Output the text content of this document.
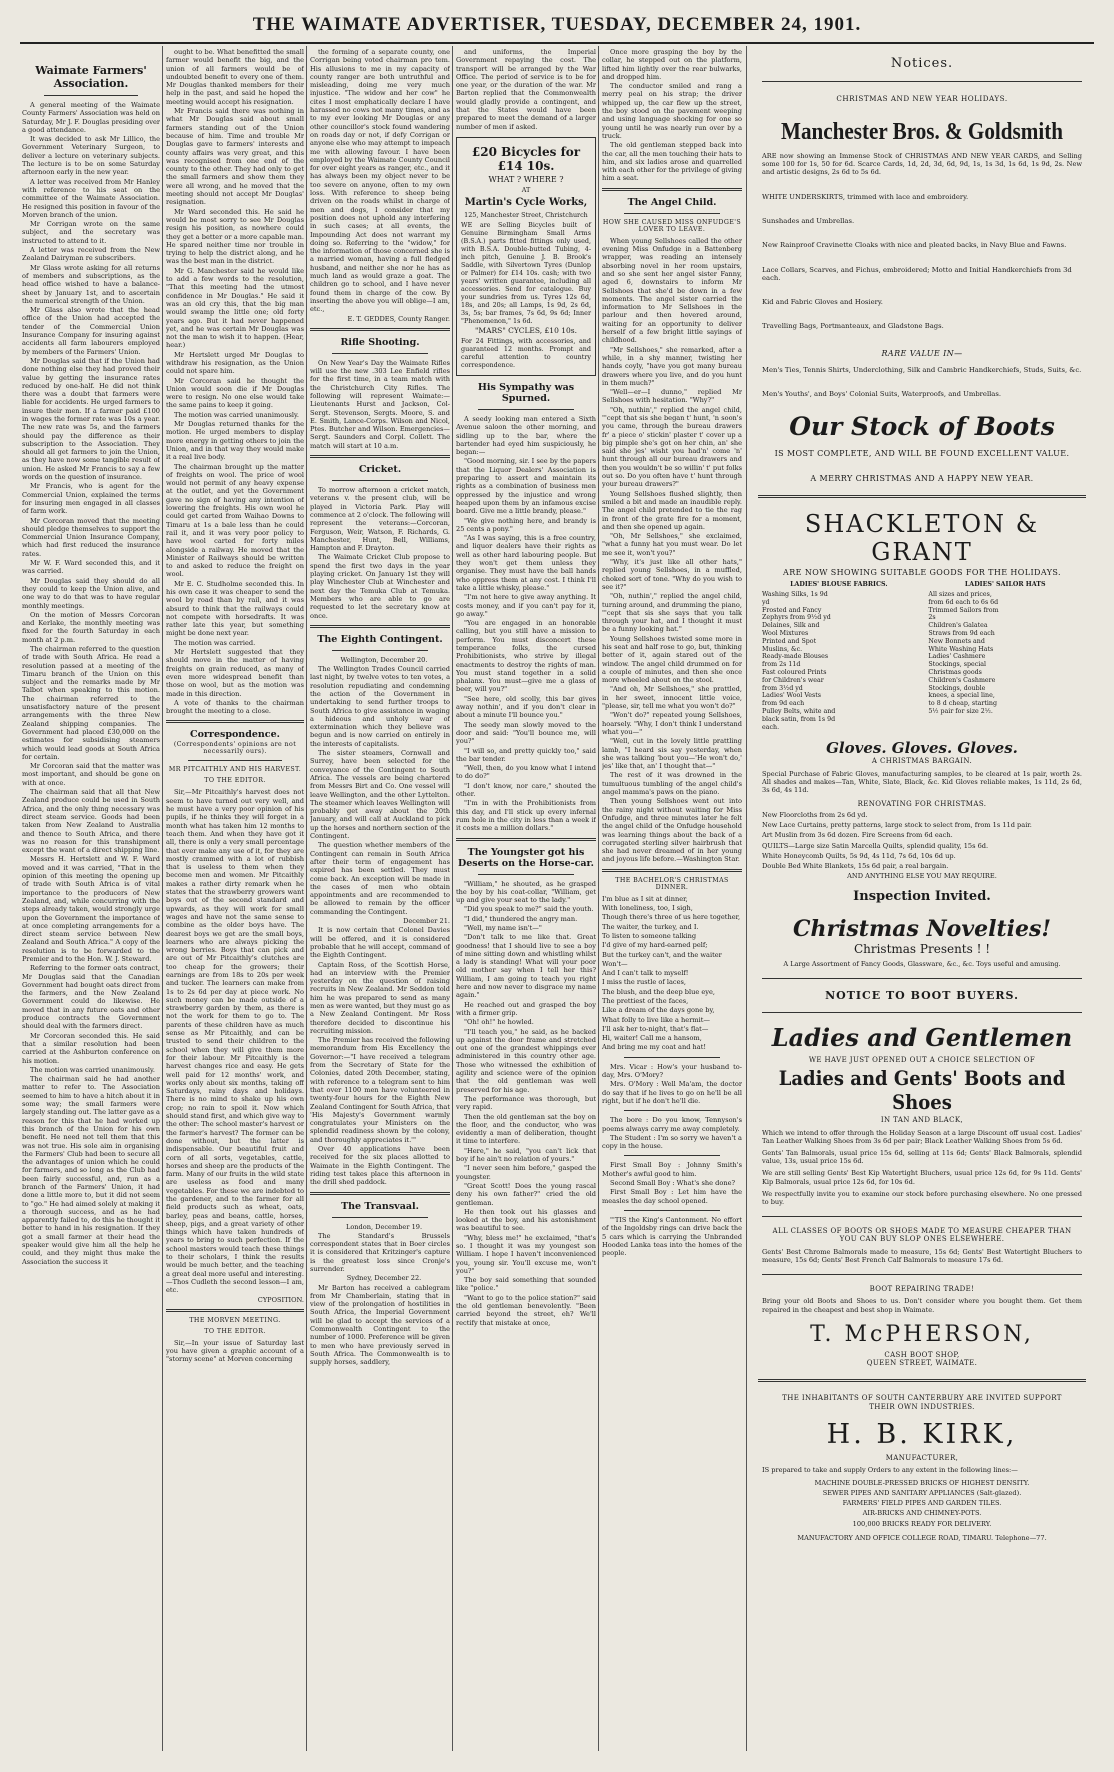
THE WAIMATE ADVERTISER, TUESDAY, DECEMBER 24, 1901.
Waimate Farmers' Association.

A general meeting of the Waimate County Farmers' Association was held on Saturday, Mr J. F. Douglas presiding over a good attendance.

It was decided to ask Mr Lillico, the Government Veterinary Surgeon, to deliver a lecture on veterinary subjects. The lecture is to be on some Saturday afternoon early in the new year.

A letter was received from Mr Hanley with reference to his seat on the committee of the Waimate Association. He resigned this position in favour of the Morven branch of the union.

Mr Corrigan wrote on the same subject, and the secretary was instructed to attend to it.

A letter was received from the New Zealand Dairyman re subscribers.

Mr Glass wrote asking for all returns of members and subscriptions, as the head office wished to have a balance-sheet by January 1st, and to ascertain the numerical strength of the Union.

Mr Glass also wrote that the head office of the Union had accepted the tender of the Commercial Union Insurance Company for insuring against accidents all farm labourers employed by members of the Farmers' Union.

Mr Douglas said that if the Union had done nothing else they had proved their value by getting the insurance rates reduced by one-half. He did not think there was a doubt that farmers were liable for accidents. He urged farmers to insure their men. If a farmer paid £100 in wages the former rate was 10s a year. The new rate was 5s, and the farmers should pay the difference as their subscription to the Association. They should all get farmers to join the Union, as they have now some tangible result of union. He asked Mr Francis to say a few words on the question of insurance.

Mr Francis, who is agent for the Commercial Union, explained the terms for insuring men engaged in all classes of farm work.

Mr Corcoran moved that the meeting should pledge themselves to support the Commercial Union Insurance Company, which had first reduced the insurance rates.

Mr W. F. Ward seconded this, and it was carried.

Mr Douglas said they should do all they could to keep the Union alive, and one way to do that was to have regular monthly meetings.

On the motion of Messrs Corcoran and Kerlake, the monthly meeting was fixed for the fourth Saturday in each month at 2 p.m.

The chairman referred to the question of trade with South Africa. He read a resolution passed at a meeting of the Timaru branch of the Union on this subject and the remarks made by Mr Talbot when speaking to this motion. The chairman referred to the unsatisfactory nature of the present arrangements with the three New Zealand shipping companies. The Government had placed £30,000 on the estimates for subsidising steamers which would lead goods at South Africa for certain.

Mr Corcoran said that the matter was most important, and should be gone on with at once.

The chairman said that all that New Zealand produce could be used in South Africa, and the only thing necessary was direct steam service. Goods had been taken from New Zealand to Australia and thence to South Africa, and there was no reason for this transhipment except the want of a direct shipping line.

Messrs H. Hertslett and W. F. Ward moved and it was carried, "That in the opinion of this meeting the opening up of trade with South Africa is of vital importance to the producers of New Zealand, and, while concurring with the steps already taken, would strongly urge upon the Government the importance of at once completing arrangements for a direct steam service between New Zealand and South Africa." A copy of the resolution is to be forwarded to the Premier and to the Hon. W. J. Steward.

Referring to the former oats contract, Mr Douglas said that the Canadian Government had bought oats direct from the farmers, and the New Zealand Government could do likewise. He moved that in any future oats and other produce contracts the Government should deal with the farmers direct.

Mr Corcoran seconded this. He said that a similar resolution had been carried at the Ashburton conference on his motion.

The motion was carried unanimously.

The chairman said he had another matter to refer to. The Association seemed to him to have a hitch about it in some way; the small farmers were largely standing out. The latter gave as a reason for this that he had worked up this branch of the Union for his own benefit. He need not tell them that this was not true. His sole aim in organising the Farmers' Club had been to secure all the advantages of union which he could for farmers, and so long as the Club had been fairly successful, and, run as a branch of the Farmers' Union, it had done a little more to, but it did not seem to "go." He had aimed solely at making it a thorough success, and as he had apparently failed to, do this he thought it better to hand in his resignation. If they got a small farmer at their head the speaker would give him all the help he could, and they might thus make the Association the success it

ought to be. What benefitted the small farmer would benefit the big, and the union of all farmers would be of undoubted benefit to every one of them. Mr Douglas thanked members for their help in the past, and said he hoped the meeting would accept his resignation.

Mr Francis said there was nothing in what Mr Douglas said about small farmers standing out of the Union because of him. Time and trouble Mr Douglas gave to farmers' interests and county affairs was very great, and this was recognised from one end of the county to the other. They had only to get the small farmers and show them they were all wrong, and he moved that the meeting should not accept Mr Douglas' resignation.

Mr Ward seconded this. He said he would be most sorry to see Mr Douglas resign his position, as nowhere could they get a better or a more capable man. He spared neither time nor trouble in trying to help the district along, and he was the best man in the district.

Mr G. Manchester said he would like to add a few words to the resolution, "That this meeting had the utmost confidence in Mr Douglas." He said it was an old cry this, that the big man would swamp the little one; old forty years ago. But it had never happened yet, and he was certain Mr Douglas was not the man to wish it to happen. (Hear, hear.)

Mr Hertslett urged Mr Douglas to withdraw his resignation, as the Union could not spare him.

Mr Corcoran said he thought the Union would soon die if Mr Douglas were to resign. No one else would take the same pains to keep it going.

The motion was carried unanimously.

Mr Douglas returned thanks for the motion. He urged members to display more energy in getting others to join the Union, and in that way they would make it a real live body.

The chairman brought up the matter of freights on wool. The price of wool would not permit of any heavy expense at the outlet, and yet the Government gave no sign of having any intention of lowering the freights. His own wool he could get carted from Waihao Downs to Timaru at 1s a bale less than he could rail it, and it was very poor policy to have wool carted for forty miles alongside a railway. He moved that the Minister of Railways should be written to and asked to reduce the freight on wool.

Mr E. C. Studholme seconded this. In his own case it was cheaper to send the wool by road than by rail, and it was absurd to think that the railways could not compete with horsedrafts. It was rather late this year, but something might be done next year.

The motion was carried.

Mr Hertslett suggested that they should move in the matter of having freights on grain reduced, as many of even more widespread benefit than those on wool, but as the motion was made in this direction.

A vote of thanks to the chairman brought the meeting to a close.

Correspondence.
(Correspondents' opinions are not necessarily ours).
MR PITCAITHLY AND HIS HARVEST.
TO THE EDITOR.

Sir,—Mr Pitcaithly's harvest does not seem to have turned out very well, and he must have a very poor opinion of his pupils, if he thinks they will forget in a month what has taken him 12 months to teach them. And when they have got it all, there is only a very small percentage that ever make any use of it, for they are mostly crammed with a lot of rubbish that is useless to them when they become men and women. Mr Pitcaithly makes a rather dirty remark when he states that the strawberry growers want boys out of the second standard and upwards, as they will work for small wages and have not the same sense to combine as the older boys have. The dearest boys we get are the small boys, learners who are always picking the wrong berries. Boys that can pick and are out of Mr Pitcaithly's clutches are too cheap for the growers; their earnings are from 18s to 20s per week and tucker. The learners can make from 1s to 2s 6d per day at piece work. No such money can be made outside of a strawberry garden by them, as there is not the work for them to go to. The parents of these children have as much sense as Mr Pitcaithly, and can be trusted to send their children to the school when they will give them more for their labour. Mr Pitcaithly is the harvest changes rice and easy. He gets well paid for 12 months' work, and works only about six months, taking off Saturdays, rainy days and holidays. There is no mind to shake up his own crop; no rain to spoil it. Now which should stand first, and which give way to the other: The school master's harvest or the farmer's harvest? The former can be done without, but the latter is indispensable. Our beautiful fruit and corn of all sorts, vegetables, cattle, horses and sheep are the products of the farm. Many of our fruits in the wild state are useless as food and many vegetables. For these we are indebted to the gardener, and to the farmer for all field products such as wheat, oats, barley, peas and beans, cattle, horses, sheep, pigs, and a great variety of other things which have taken hundreds of years to bring to such perfection. If the school masters would teach these things to their scholars, I think the results would be much better, and the teaching a great deal more useful and interesting.—Thos Cudleth the second lesson—I am, etc.

CYPOSITION.

THE MORVEN MEETING.
TO THE EDITOR.

Sir,—In your issue of Saturday last you have given a graphic account of a "stormy scene" at Morven concerning

the forming of a separate county, one Corrigan being voted chairman pro tem. His allusions to me in my capacity of county ranger are both untruthful and misleading, doing me very much injustice. "The widow and her cow" he cites I most emphatically declare I have harassed no cows not many times, and as to my ever looking Mr Douglas or any other councillor's stock found wandering on roads day or not, if defy Corrigan or anyone else who may attempt to impeach me with allowing favour. I have been employed by the Waimate County Council for over eight years as ranger, etc., and it has always been my object never to be too severe on anyone, often to my own loss. With reference to sheep being driven on the roads whilst in charge of men and dogs, I consider that my position does not uphold any interfering in such cases; at all events, the Impounding Act does not warrant my doing so. Referring to the "widow," for the information of those concerned she is a married woman, having a full fledged husband, and neither she nor he has as much land as would graze a goat. The children go to school, and I have never found them in charge of the cow. By inserting the above you will oblige—I am, etc.,

E. T. GEDDES, County Ranger.

Rifle Shooting.

On New Year's Day the Waimate Rifles will use the new .303 Lee Enfield rifles for the first time, in a team match with the Christchurch City Rifles. The following will represent Waimate:—Lieutenants Hurst and Jackson, Col-Sergt. Stevenson, Sergts. Moore, S. and E. Smith, Lance-Corps. Wilson and Nicol, Ptes. Butcher and Wilson. Emergencies—Sergt. Saunders and Corpl. Collett. The match will start at 10 a.m.

Cricket.

To morrow afternoon a cricket match, veterans v. the present club, will be played in Victoria Park. Play will commence at 2 o'clock. The following will represent the veterans:—Corcoran, Ferguson, Weir, Watson, F. Richards, G. Manchester, Hunt, Bell, Williams, Hampton and F. Drayton.

The Waimate Cricket Club propose to spend the first two days in the year playing cricket. On January 1st they will play Winchester Club at Winchester and next day the Temuka Club at Temuka. Members who are able to go are requested to let the secretary know at once.

The Eighth Contingent.

Wellington, December 20.

The Wellington Trades Council carried last night, by twelve votes to ten votes, a resolution repudiating and condemning the action of the Government in undertaking to send further troops to South Africa to give assistance in waging a hideous and unholy war of extermination which they believe was begun and is now carried on entirely in the interests of capitalists.

The sister steamers, Cornwall and Surrey, have been selected for the conveyance of the Contingent to South Africa. The vessels are being chartered from Messrs Birt and Co. One vessel will leave Wellington, and the other Lyttelton. The steamer which leaves Wellington will probably get away about the 20th January, and will call at Auckland to pick up the horses and northern section of the Contingent.

The question whether members of the Contingent can remain in South Africa after their term of engagement has expired has been settled. They must come back. An exception will be made in the cases of men who obtain appointments and are recommended to be allowed to remain by the officer commanding the Contingent.

December 21.

It is now certain that Colonel Davies will be offered, and it is considered probable that he will accept, command of the Eighth Contingent.

Captain Ross, of the Scottish Horse, had an interview with the Premier yesterday on the question of raising recruits in New Zealand. Mr Seddon told him he was prepared to send as many men as were wanted, but they must go as a New Zealand Contingent. Mr Ross therefore decided to discontinue his recruiting mission.

The Premier has received the following memorandum from His Excellency the Governor:—"I have received a telegram from the Secretary of State for the Colonies, dated 20th December, stating, with reference to a telegram sent to him that over 1100 men have volunteered in twenty-four hours for the Eighth New Zealand Contingent for South Africa, that 'His Majesty's Government warmly congratulates your Ministers on the splendid readiness shown by the colony, and thoroughly appreciates it.'"

Over 40 applications have been received for the six places allotted to Waimate in the Eighth Contingent. The riding test takes place this afternoon in the drill shed paddock.

The Transvaal.

London, December 19.

The Standard's Brussels correspondent states that in Boer circles it is considered that Kritzinger's capture is the greatest loss since Cronje's surrender.

Sydney, December 22.

Mr Barton has received a cablegram from Mr Chamberlain, stating that in view of the prolongation of hostilities in South Africa, the Imperial Government will be glad to accept the services of a Commonwealth Contingent to the number of 1000. Preference will be given to men who have previously served in South Africa. The Commonwealth is to supply horses, saddlery,

and uniforms, the Imperial Government repaying the cost. The transport will be arranged by the War Office. The period of service is to be for one year, or the duration of the war. Mr Barton replied that the Commonwealth would gladly provide a contingent, and that the States would have been prepared to meet the demand of a larger number of men if asked.

£20 Bicycles for £14 10s.
WHAT ? WHERE ?
AT
Martin's Cycle Works,
125, Manchester Street, Christchurch
WE are Selling Bicycles built of Genuine Birmingham Small Arms (B.S.A.) parts fitted fittings only used, with B.S.A. Double-butted Tubing, 4-inch pitch, Genuine J. B. Brook's Saddle, with Silvertown Tyres (Dunlop or Palmer) for £14 10s. cash; with two years' written guarantee, including all accessories. Send for catalogue. Buy your sundries from us. Tyres 12s 6d, 18s, and 20s; all Lamps, 1s 9d, 2s 6d, 3s, 5s; bar frames, 7s 6d, 9s 6d; Inner "Phenomenon," 1s 6d.
"MARS" CYCLES, £10 10s.
For 24 Fittings, with accessories, and guaranteed 12 months. Prompt and careful attention to country correspondence.
His Sympathy was Spurned.

A seedy looking man entered a Sixth Avenue saloon the other morning, and sidling up to the bar, where the bartender had eyed him suspiciously, he began:—

"Good morning, sir. I see by the papers that the Liquor Dealers' Association is preparing to assert and maintain its rights as a combination of business men oppressed by the injustice and wrong heaped upon them by an infamous excise board. Give me a little brandy, please."

"We give nothing here, and brandy is 25 cents a pony."

"As I was saying, this is a free country, and liquor dealers have their rights as well as other hard labouring people. But they won't get them unless they organise. They must have the ball hands who oppress them at any cost. I think I'll take a little whisky, please."

"I'm not here to give away anything. It costs money, and if you can't pay for it, go away."

"You are engaged in an honorable calling, but you still have a mission to perform. You must disconcert these temperance folks, the cursed Prohibitionists, who strive by illegal enactments to destroy the rights of man. You must stand together in a solid phalanx. You must—give me a glass of beer, will you?"

"See here, old scolly, this bar gives away nothin', and if you don't clear in about a minute I'll bounce you."

The seedy man slowly moved to the door and said: "You'll bounce me, will you?"

"I will so, and pretty quickly too," said the bar tender.

"Well, then, do you know what I intend to do do?"

"I don't know, nor care," shouted the other.

"I'm in with the Prohibitionists from this day, and I'll stick up every infernal rum hole in the city in less than a week if it costs me a million dollars."

The Youngster got his Deserts on the Horse-car.

"William," he shouted, as he grasped the boy by his coat-collar, "William, get up and give your seat to the lady."

"Did you speak to me?" said the youth.

"I did," thundered the angry man.

"Well, my name isn't—"

"Don't talk to me like that. Great goodness! that I should live to see a boy of mine sitting down and whistling whilst a lady is standing! What will your poor old mother say when I tell her this? William, I am going to teach you right here and now never to disgrace my name again."

He reached out and grasped the boy with a firmer grip.

"Oh! oh!" he howled.

"I'll teach you," he said, as he backed up against the door frame and stretched out one of the grandest whippings ever administered in this country other age. Those who witnessed the exhibition of agility and science were of the opinion that the old gentleman was well preserved for his age.

The performance was thorough, but very rapid.

Then the old gentleman sat the boy on the floor, and the conductor, who was evidently a man of deliberation, thought it time to interfere.

"Here," he said, "you can't lick that boy if he ain't no relation of yours."

"I never seen him before," gasped the youngster.

"Great Scott! Does the young rascal deny his own father?" cried the old gentleman.

He then took out his glasses and looked at the boy, and his astonishment was beautiful to see.

"Why, bless me!" he exclaimed, "that's so. I thought it was my youngest son William. I hope I haven't inconvenienced you, young sir. You'll excuse me, won't you?"

The boy said something that sounded like "police."

"Want to go to the police station?" said the old gentleman benevolently. "Been carried beyond the street, eh? We'll rectify that mistake at once,

Once more grasping the boy by the collar, he stepped out on the platform, lifted him lightly over the rear bulwarks, and dropped him.

The conductor smiled and rang a merry peal on his strap; the driver whipped up, the car flew up the street, the boy stood on the pavement weeping and using language shocking for one so young until he was nearly run over by a truck.

The old gentleman stepped back into the car, all the men touching their hats to him, and six ladies arose and quarrelled with each other for the privilege of giving him a seat.

The Angel Child.
HOW SHE CAUSED MISS ONFUDGE'S LOVER TO LEAVE.

When young Sellshoes called the other evening Miss Onfudge in a Battenberg wrapper, was reading an intensely absorbing novel in her room upstairs, and so she sent her angel sister Fanny, aged 6, downstairs to inform Mr Sellshoes that she'd be down in a few moments. The angel sister carried the information to Mr Sellshoes in the parlour and then hovered around, waiting for an opportunity to deliver herself of a few bright little sayings of childhood.

"Mr Sellshoes," she remarked, after a while, in a shy manner, twisting her hands coyly, "have you got many bureau drawers where you live, and do you hunt in them much?"

"Well—er—I dunno," replied Mr Sellshoes with hesitation. "Why?"

"Oh, nuthin'," replied the angel child, "'cept that sis she began t' hunt, 'n soon's you came, through the bureau drawers fr' a piece o' stickin' plaster t' cover up a big pimple she's got on her chin, an' she said she jes' wisht you had'n' come 'n' hunt through all our bureau drawers and then you wouldn't be so willin' t' put folks out so. Do you often have t' hunt through your bureau drawers?"

Young Sellshoes flushed slightly, then smiled a bit and made an inaudible reply. The angel child pretended to tie the rag in front of the grate fire for a moment, and then she opened up again.

"Oh, Mr Sellshoes," she exclaimed, "what a funny hat you must wear. Do let me see it, won't you?"

"Why, it's just like all other hats," replied young Sellshoes, in a muffled, choked sort of tone. "Why do you wish to see it?"

"Oh, nuthin'," replied the angel child, turning around, and drumming the piano, "'cept that sis she says that you talk through your hat, and I thought it must be a funny looking hat."

Young Sellshoes twisted some more in his seat and half rose to go, but, thinking better of it, again stared out of the window. The angel child drummed on for a couple of minutes, and then she once more wheeled about on the stool.

"And oh, Mr Sellshoes," she prattled, in her sweet, innocent little voice, "please, sir, tell me what you won't do?"

"Won't do?" repeated young Sellshoes, hoarsely. "Why, I don't think I understand what you—"

"Well, cut in the lovely little prattling lamb, "I heard sis say yesterday, when she was talking 'bout you—'He won't do,' jes' like that, an' I thought that—"

The rest of it was drowned in the tumultuous tumbling of the angel child's angel mamma's paws on the piano.

Then young Sellshoes went out into the rainy night without waiting for Miss Onfudge, and three minutes later he felt the angel child of the Onfudge household was learning things about the back of a corrugated sterling silver hairbrush that she had never dreamed of in her young and joyous life before.—Washington Star.

THE BACHELOR'S CHRISTMAS DINNER.

I'm blue as I sit at dinner,

With loneliness, too, I sigh,

Though there's three of us here together,

The waiter, the turkey, and I.

To listen to someone talking

I'd give of my hard-earned pelf;

But the turkey can't, and the waiter

Won't—

And I can't talk to myself!

I miss the rustle of laces,

The blush, and the deep blue eye,

The prettiest of the faces,

Like a dream of the days gone by,

What folly to live like a hermit—

I'll ask her to-night, that's flat—

Hi, waiter! Call me a hansom,

And bring me my coat and hat!

Mrs. Vicar : How's your husband to-day, Mrs. O'Mory?

Mrs. O'Mory : Well Ma'am, the doctor do say that if he lives to go on he'll be all right, but if he don't he'll die.

The bore : Do you know, Tennyson's poems always carry me away completely.

The Student : I'm so sorry we haven't a copy in the house.

First Small Boy : Johnny Smith's Mother's awful good to him.

Second Small Boy : What's she done?

First Small Boy : Let him have the measles the day school opened.

"'TIS the King's Cantonment. No effort of the Ingoldsby rings can drive back the 5 cars which is carrying the Unbranded Hooded Lanka teas into the homes of the people.

Notices.
CHRISTMAS AND NEW YEAR HOLIDAYS.
Manchester Bros. & Goldsmith
ARE now showing an Immense Stock of CHRISTMAS AND NEW YEAR CARDS, and Selling some 100 for 1s, 50 for 6d. Scarce Cards, 1d, 2d, 3d, 6d, 9d, 1s, 1s 3d, 1s 6d, 1s 9d, 2s. New and artistic designs, 2s 6d to 5s 6d.
WHITE UNDERSKIRTS, trimmed with lace and embroidery.
Sunshades and Umbrellas.
New Rainproof Cravinette Cloaks with nice and pleated backs, in Navy Blue and Fawns.
Lace Collars, Scarves, and Fichus, embroidered; Motto and Initial Handkerchiefs from 3d each.
Kid and Fabric Gloves and Hosiery.
Travelling Bags, Portmanteaux, and Gladstone Bags.
RARE VALUE IN—
Men's Ties, Tennis Shirts, Underclothing, Silk and Cambric Handkerchiefs, Studs, Suits, &c.
Men's Youths', and Boys' Colonial Suits, Waterproofs, and Umbrellas.
Our Stock of Boots
IS MOST COMPLETE, AND WILL BE FOUND EXCELLENT VALUE.
A MERRY CHRISTMAS AND A HAPPY NEW YEAR.
SHACKLETON & GRANT
ARE NOW SHOWING SUITABLE GOODS FOR THE HOLIDAYS.
LADIES' BLOUSE FABRICS.
Washing Silks, 1s 9d yd
Frosted and Fancy Zephyrs from 9½d yd
Delaines, Silk and Wool Mixtures
Printed and Spot Muslins, &c.
Ready-made Blouses from 2s 11d
Fast coloured Prints for Children's wear from 3½d yd
Ladies' Wool Vests from 9d each
Pulley Belts, white and black satin, from 1s 9d each.
LADIES' SAILOR HATS
All sizes and prices, from 6d each to 6s 6d
Trimmed Sailors from 2s
Children's Galatea Straws from 9d each
New Bonnets and White Washing Hats
Ladies' Cashmere Stockings, special
Christmas goods
Children's Cashmere Stockings, double knees, a special line, to 8 d cheap, starting 5½ pair for size 2½.
Gloves. Gloves. Gloves.
A CHRISTMAS BARGAIN.
Special Purchase of Fabric Gloves, manufacturing samples, to be cleared at 1s pair, worth 2s. All shades and makes—Tan, White, Slate, Black, &c. Kid Gloves reliable makes, 1s 11d, 2s 6d, 3s 6d, 4s 11d.
RENOVATING FOR CHRISTMAS.
New Floorcloths from 2s 6d yd.
New Lace Curtains, pretty patterns, large stock to select from, from 1s 11d pair.
Art Muslin from 3s 6d dozen. Fire Screens from 6d each.
QUILTS—Large size Satin Marcella Quilts, splendid quality, 15s 6d.
White Honeycomb Quilts, 5s 9d, 4s 11d, 7s 6d, 10s 6d up.
Double Bed White Blankets, 15s 6d pair, a real bargain.
AND ANYTHING ELSE YOU MAY REQUIRE.
Inspection Invited.
Christmas Novelties!
Christmas Presents ! !
A Large Assortment of Fancy Goods, Glassware, &c., &c. Toys useful and amusing.
NOTICE TO BOOT BUYERS.
Ladies and Gentlemen
WE HAVE JUST OPENED OUT A CHOICE SELECTION OF
Ladies and Gents' Boots and Shoes
IN TAN AND BLACK,
Which we intend to offer through the Holiday Season at a large Discount off usual cost. Ladies' Tan Leather Walking Shoes from 3s 6d per pair; Black Leather Walking Shoes from 5s 6d.
Gents' Tan Balmorals, usual price 15s 6d, selling at 11s 6d; Gents' Black Balmorals, splendid value, 13s, usual price 15s 6d.
We are still selling Gents' Best Kip Watertight Bluchers, usual price 12s 6d, for 9s 11d. Gents' Kip Balmorals, usual price 12s 6d, for 10s 6d.
We respectfully invite you to examine our stock before purchasing elsewhere. No one pressed to buy.
ALL CLASSES OF BOOTS OR SHOES MADE TO MEASURE CHEAPER THAN YOU CAN BUY SLOP ONES ELSEWHERE.
Gents' Best Chrome Balmorals made to measure, 15s 6d; Gents' Best Watertight Bluchers to measure, 15s 6d; Gents' Best French Calf Balmorals to measure 17s 6d.
BOOT REPAIRING TRADE!
Bring your old Boots and Shoes to us. Don't consider where you bought them. Get them repaired in the cheapest and best shop in Waimate.
T. McPHERSON,
CASH BOOT SHOP,
QUEEN STREET, WAIMATE.
THE INHABITANTS OF SOUTH CANTERBURY ARE INVITED SUPPORT THEIR OWN INDUSTRIES.
H. B. KIRK,
MANUFACTURER,
IS prepared to take and supply Orders to any extent in the following lines:—
MACHINE DOUBLE-PRESSED BRICKS OF HIGHEST DENSITY.
SEWER PIPES AND SANITARY APPLIANCES (Salt-glazed).
FARMERS' FIELD PIPES AND GARDEN TILES.
AIR-BRICKS AND CHIMNEY-POTS.
100,000 BRICKS READY FOR DELIVERY.
MANUFACTORY AND OFFICE COLLEGE ROAD, TIMARU. Telephone—77.
